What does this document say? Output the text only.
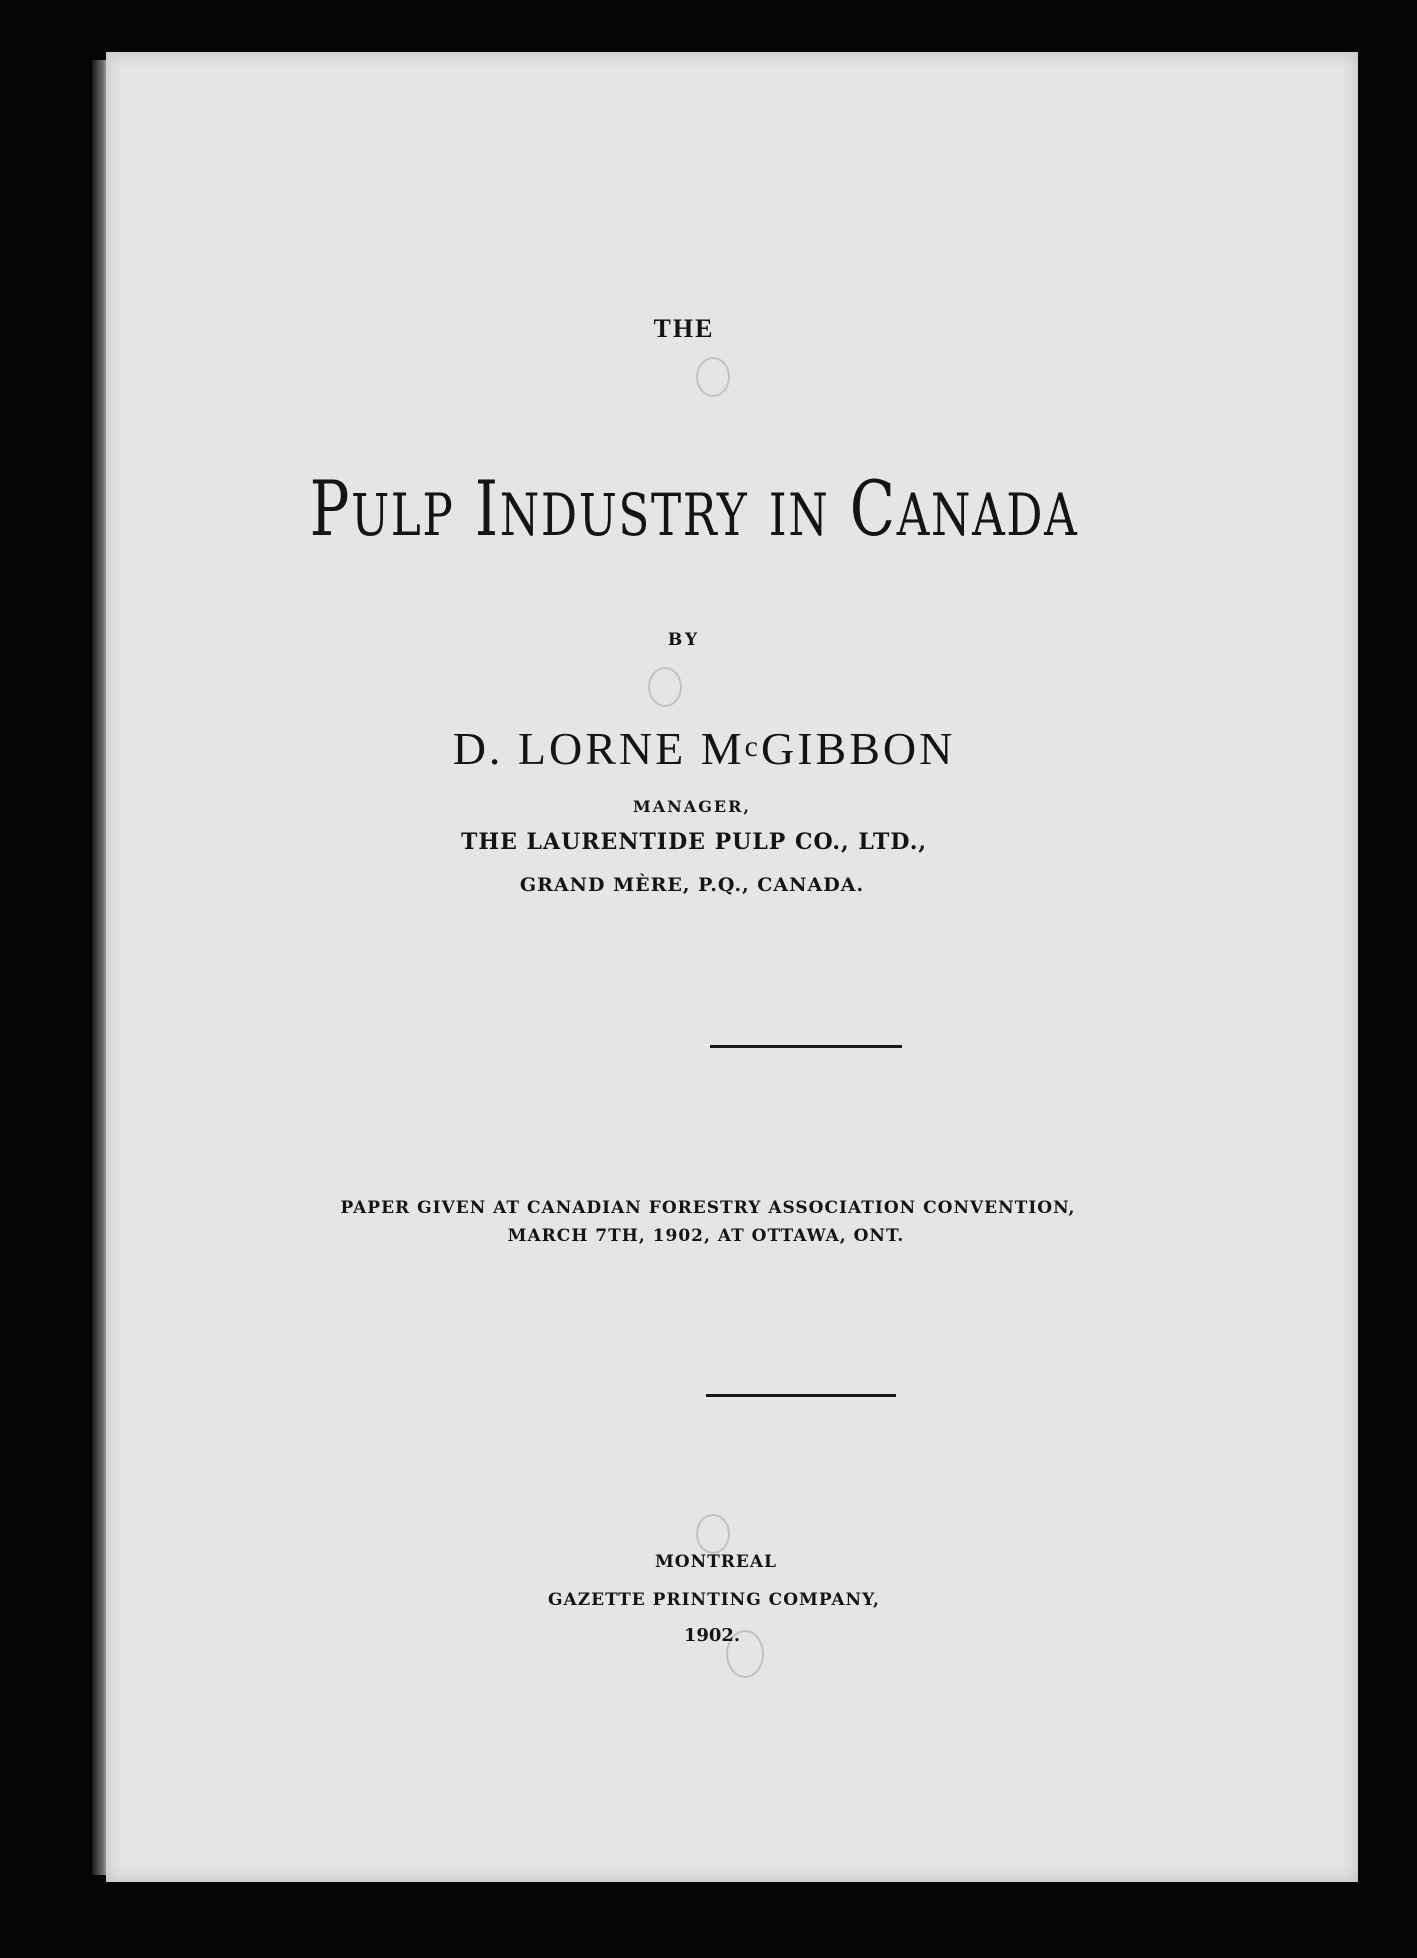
THE
PULP INDUSTRY IN CANADA
BY
D. LORNE McGIBBON
MANAGER,
THE LAURENTIDE PULP CO., LTD.,
GRAND MÈRE, P.Q., CANADA.
PAPER GIVEN AT CANADIAN FORESTRY ASSOCIATION CONVENTION,
MARCH 7TH, 1902, AT OTTAWA, ONT.
MONTREAL
GAZETTE PRINTING COMPANY,
1902.
